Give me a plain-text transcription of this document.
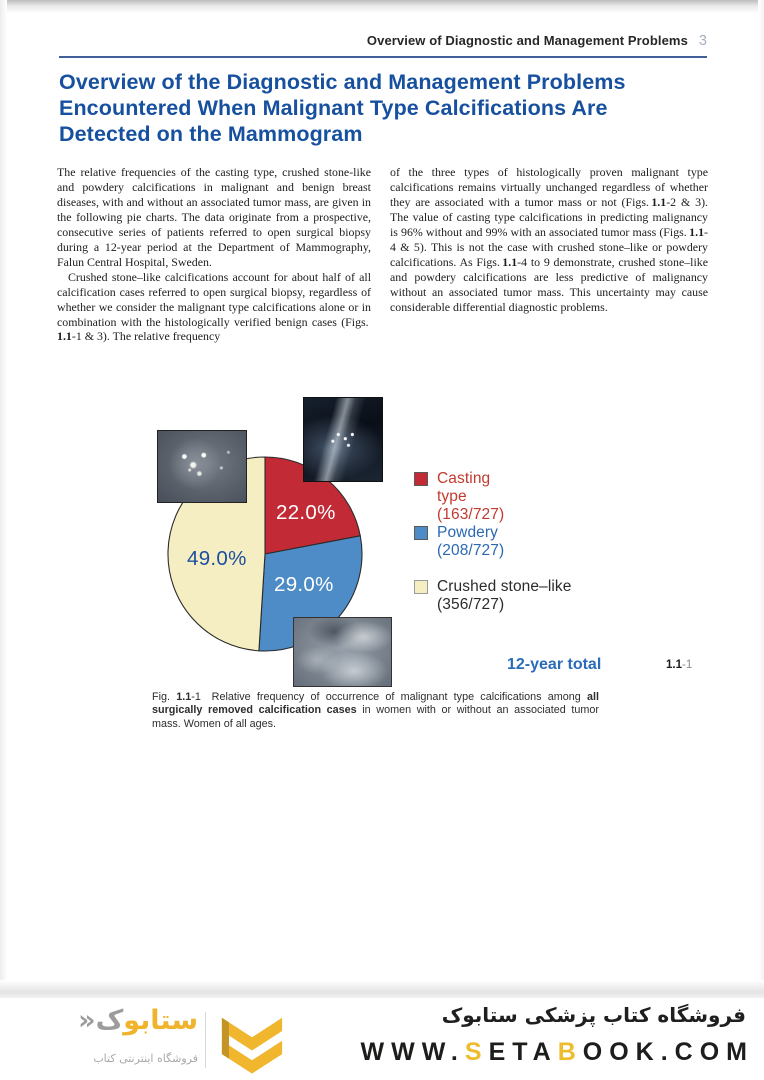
Overview of Diagnostic and Management Problems 3
Overview of the Diagnostic and Management Problems
Encountered When Malignant Type Calcifications Are
Detected on the Mammogram

The relative frequencies of the casting type, crushed stone-like and powdery calcifications in malignant and benign breast diseases, with and without an associated tumor mass, are given in the following pie charts. The data originate from a prospective, consecutive series of patients referred to open surgical biopsy during a 12-year period at the Department of Mammography, Falun Central Hospital, Sweden.

Crushed stone–like calcifications account for about half of all calcification cases referred to open surgical biopsy, regardless of whether we consider the malignant type calcifications alone or in combination with the histologically verified benign cases (Figs. 1.1-1 & 3). The relative frequency

of the three types of histologically proven malignant type calcifications remains virtually unchanged regardless of whether they are associated with a tumor mass or not (Figs. 1.1-2 & 3). The value of casting type calcifications in predicting malignancy is 96% without and 99% with an associated tumor mass (Figs. 1.1-4 & 5). This is not the case with crushed stone–like or powdery calcifications. As Figs. 1.1-4 to 9 demonstrate, crushed stone–like and powdery calcifications are less predictive of malignancy without an associated tumor mass. This uncertainty may cause considerable differential diagnostic problems.

22.0%
29.0%
49.0%
Casting type (163/727)
Powdery (208/727)
Crushed stone–like (356/727)
12-year total	1.1-1
Fig. 1.1-1 Relative frequency of occurrence of malignant type calcifications among all surgically removed calcification cases in women with or without an associated tumor mass. Women of all ages.
ستابوک«
فروشگاه اینترنتی کتاب
فروشگاه کتاب پزشکی ستابوک
WWW.SETABOOK.COM
